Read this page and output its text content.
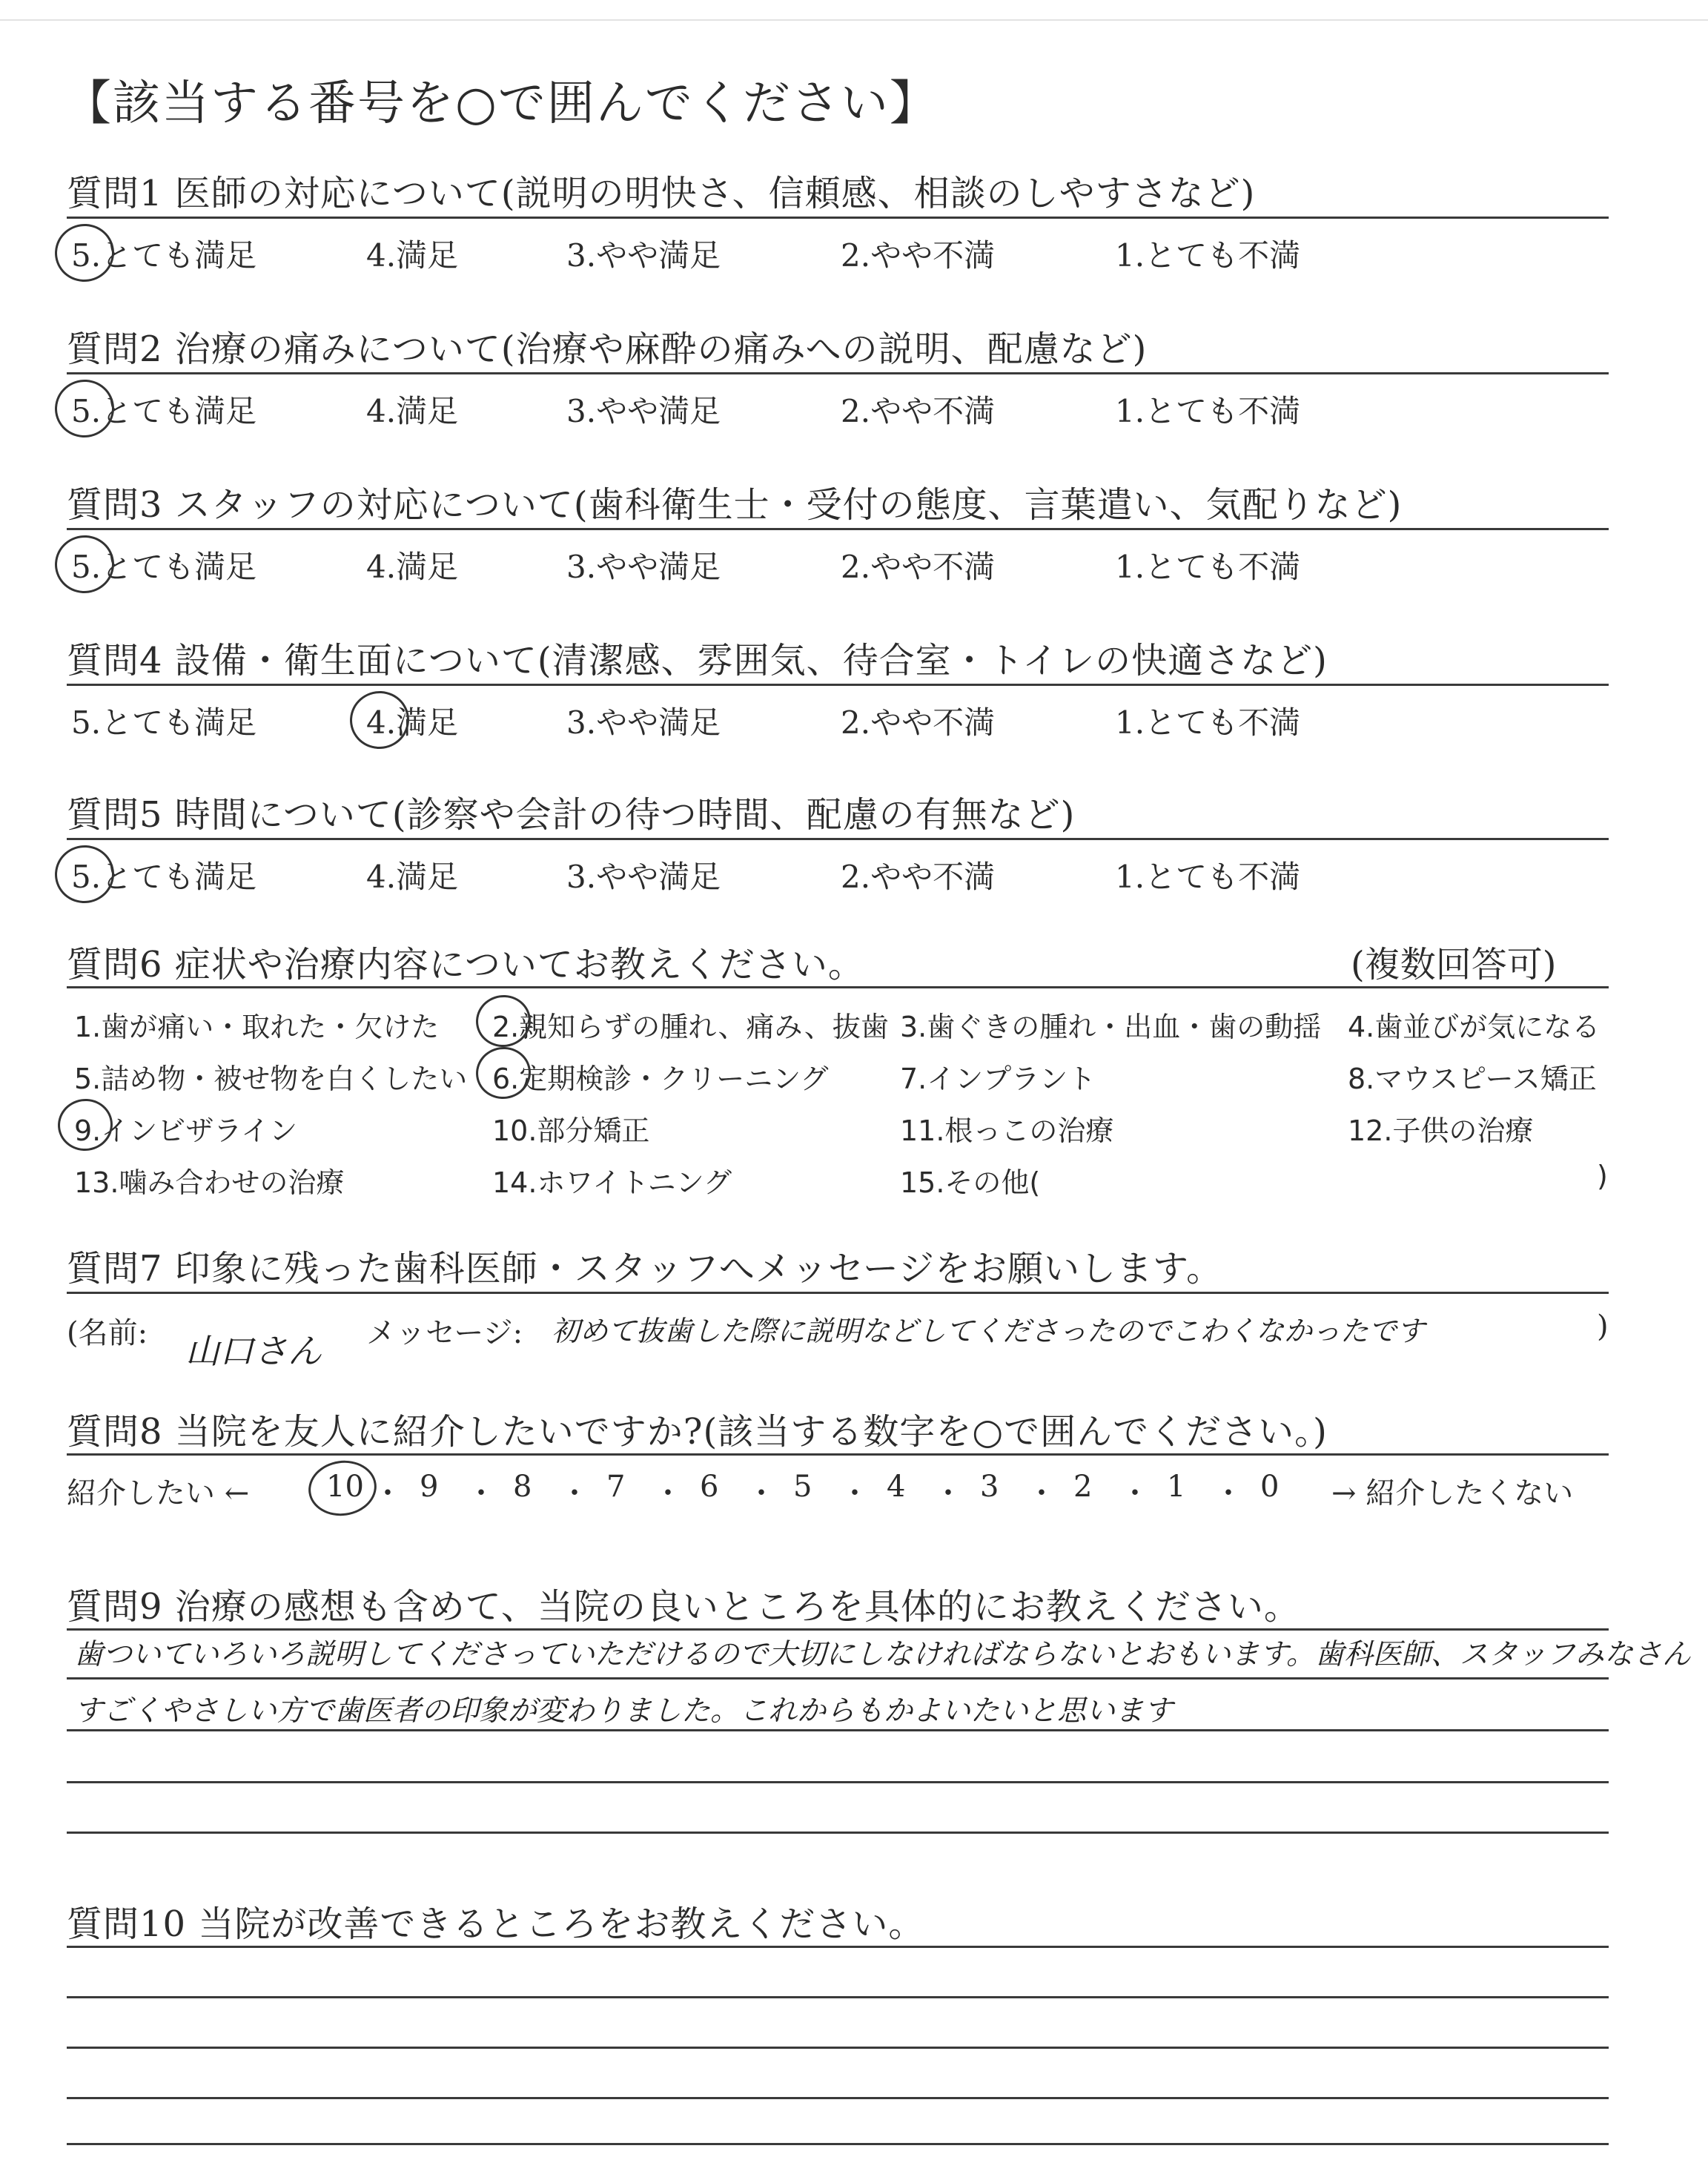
【該当する番号を○で囲んでください】
質問1 医師の対応について(説明の明快さ、信頼感、相談のしやすさなど)
5.とても満足	4.満足	3.やや満足	2.やや不満	1.とても不満
質問2 治療の痛みについて(治療や麻酔の痛みへの説明、配慮など)
5.とても満足	4.満足	3.やや満足	2.やや不満	1.とても不満
質問3 スタッフの対応について(歯科衛生士・受付の態度、言葉遣い、気配りなど)
5.とても満足	4.満足	3.やや満足	2.やや不満	1.とても不満
質問4 設備・衛生面について(清潔感、雰囲気、待合室・トイレの快適さなど)
5.とても満足	4.満足	3.やや満足	2.やや不満	1.とても不満
質問5 時間について(診察や会計の待つ時間、配慮の有無など)
5.とても満足	4.満足	3.やや満足	2.やや不満	1.とても不満
質問6 症状や治療内容についてお教えください。	(複数回答可)
1.歯が痛い・取れた・欠けた 2.親知らずの腫れ、痛み、抜歯 3.歯ぐきの腫れ・出血・歯の動揺 4.歯並びが気になる
5.詰め物・被せ物を白くしたい 6.定期検診・クリーニング	7.インプラント	8.マウスピース矯正
9.インビザライン	10.部分矯正	11.根っこの治療	12.子供の治療
13.噛み合わせの治療	14.ホワイトニング	15.その他(	)
質問7 印象に残った歯科医師・スタッフへメッセージをお願いします。
(名前: 山口さん メッセージ: 初めて抜歯した際に説明などしてくださったのでこわくなかったです	)
質問8 当院を友人に紹介したいですか?(該当する数字を○で囲んでください。)
紹介したい ←	10 ・ 9 ・ 8 ・ 7 ・ 6 ・ 5 ・ 4 ・ 3 ・ 2 ・ 1 ・ 0 → 紹介したくない
質問9 治療の感想も含めて、当院の良いところを具体的にお教えください。
歯ついていろいろ説明してくださっていただけるので大切にしなければならないとおもいます。歯科医師、スタッフみなさん
すごくやさしい方で歯医者の印象が変わりました。これからもかよいたいと思います
質問10 当院が改善できるところをお教えください。
